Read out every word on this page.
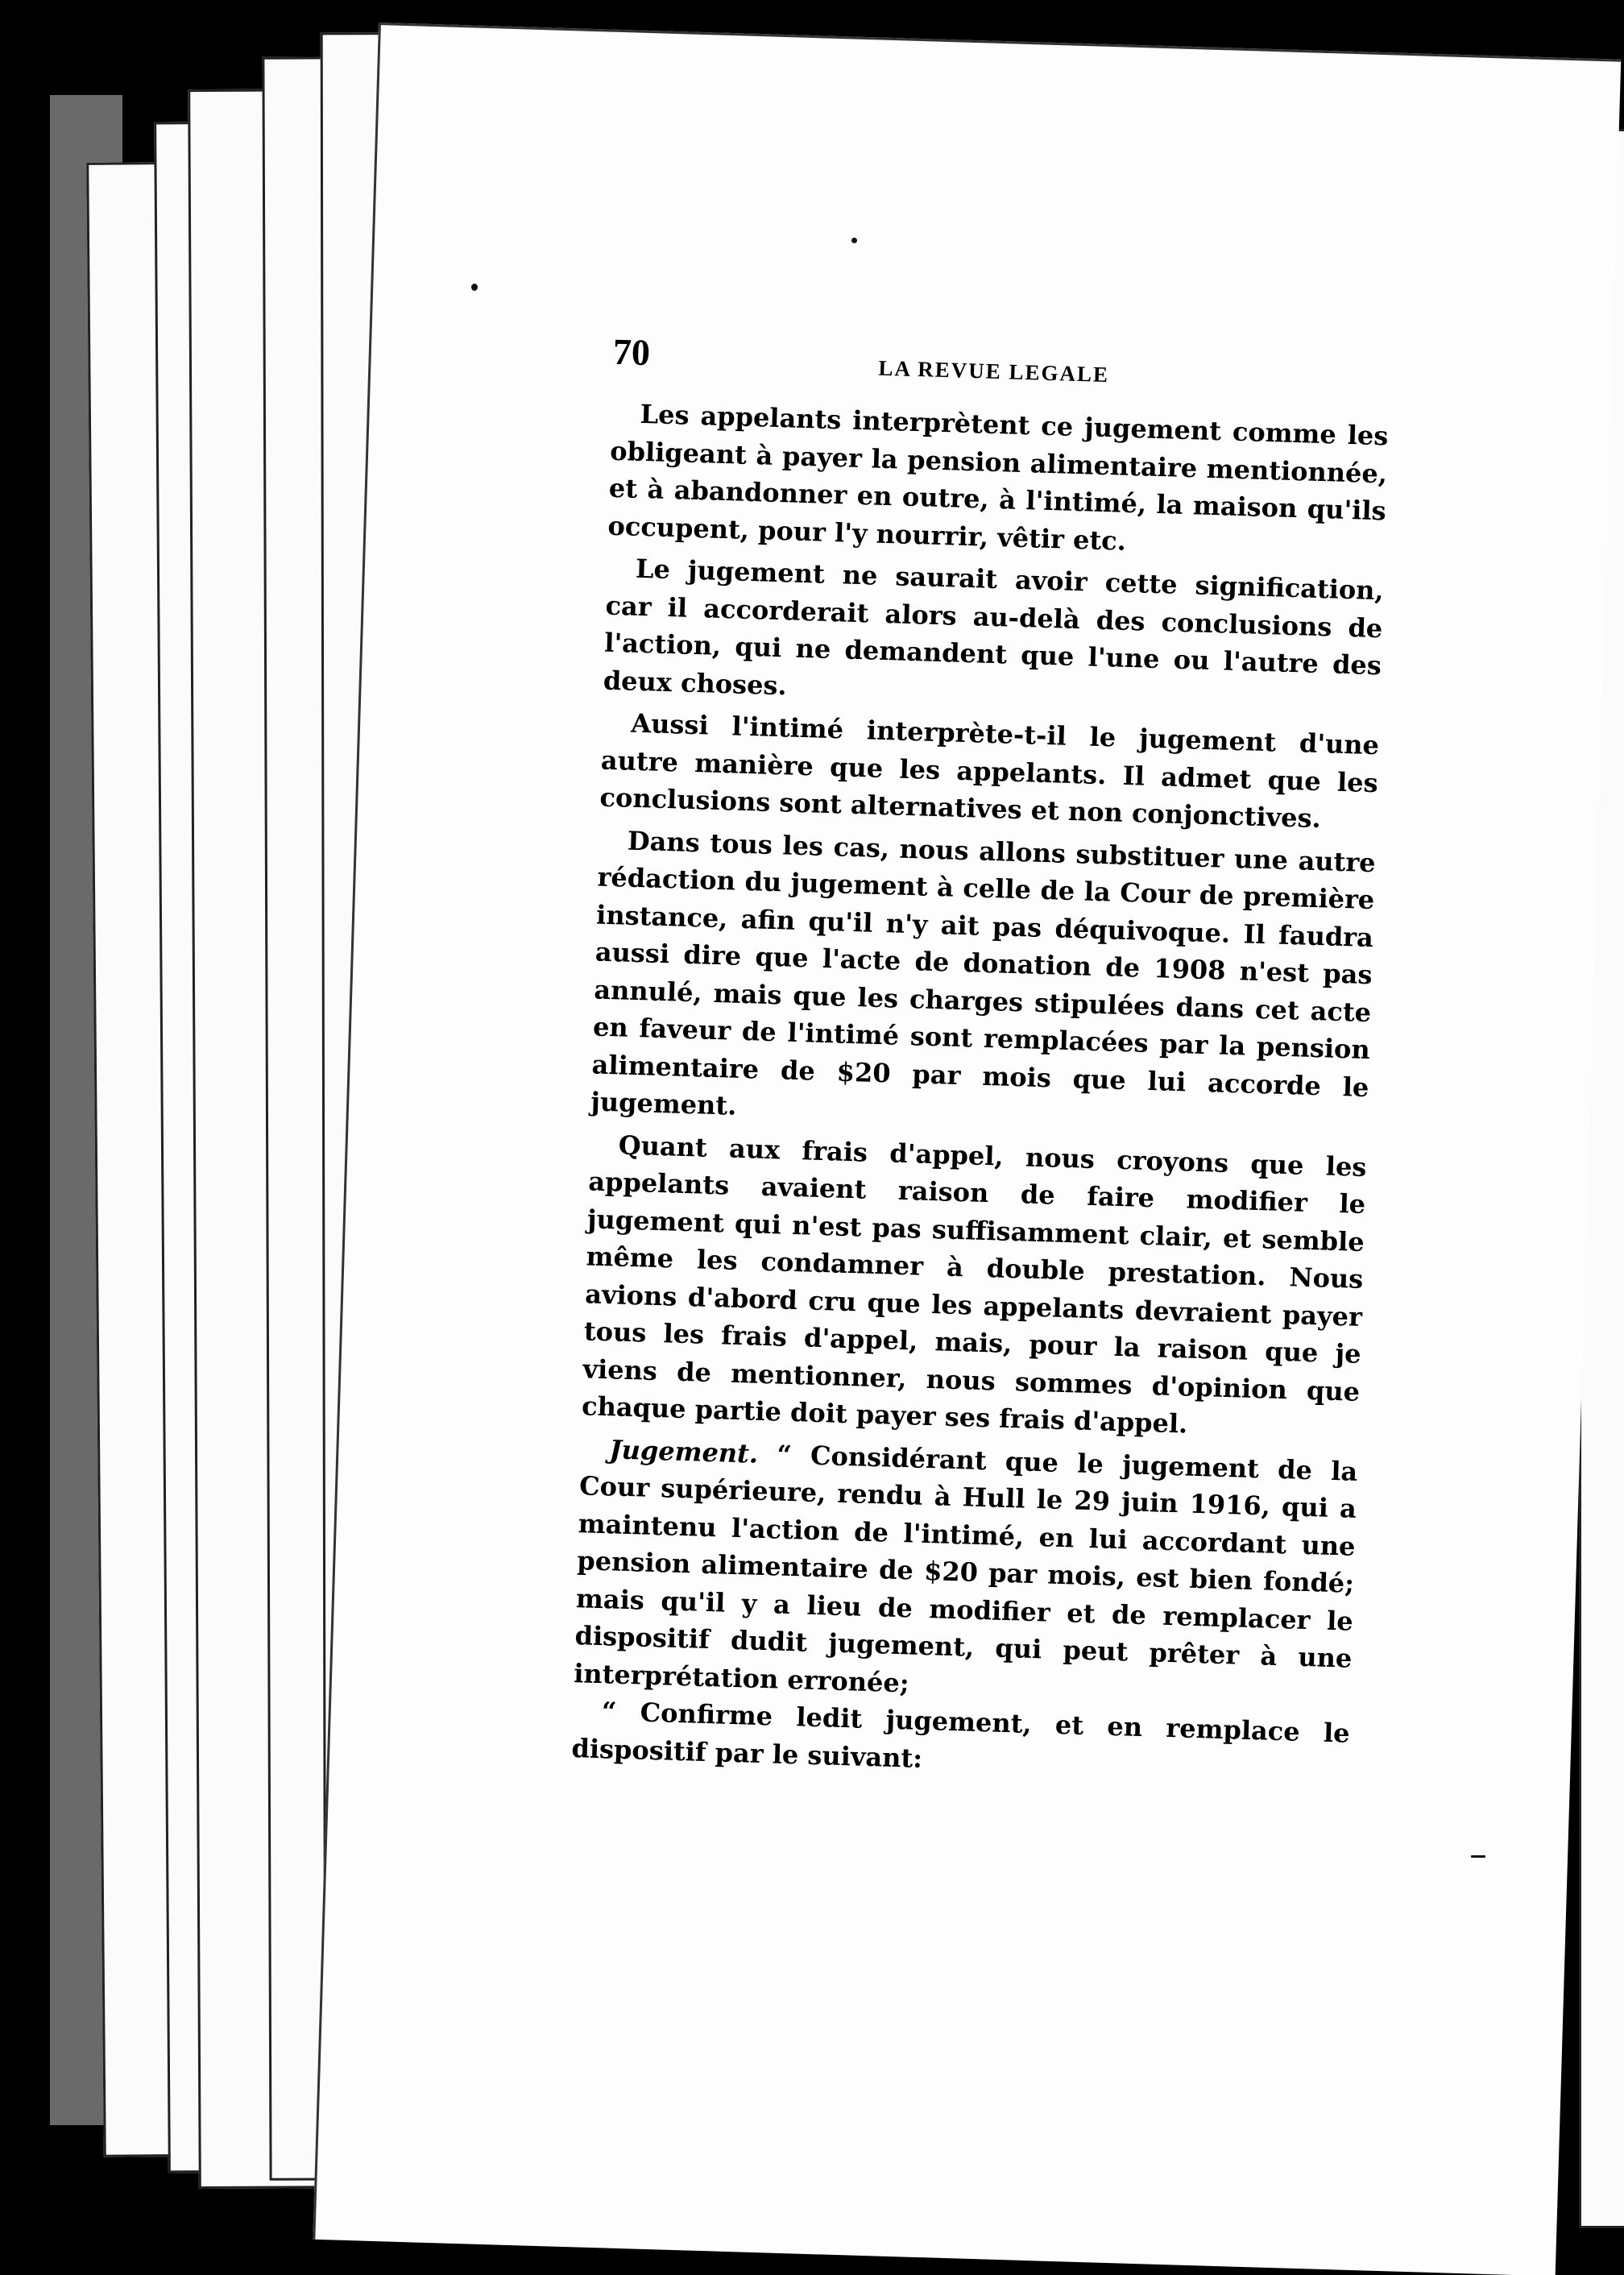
70	LA REVUE LEGALE

Les appelants interprètent ce jugement comme les obligeant à payer la pension alimentaire mentionnée, et à abandonner en outre, à l'intimé, la maison qu'ils occupent, pour l'y nourrir, vêtir etc.

Le jugement ne saurait avoir cette signification, car il accorderait alors au-delà des conclusions de l'action, qui ne demandent que l'une ou l'autre des deux choses.

Aussi l'intimé interprète-t-il le jugement d'une autre manière que les appelants. Il admet que les conclusions sont alternatives et non conjonctives.

Dans tous les cas, nous allons substituer une autre rédaction du jugement à celle de la Cour de première instance, afin qu'il n'y ait pas déquivoque. Il faudra aussi dire que l'acte de donation de 1908 n'est pas annulé, mais que les charges stipulées dans cet acte en faveur de l'intimé sont remplacées par la pension alimentaire de $20 par mois que lui accorde le jugement.

Quant aux frais d'appel, nous croyons que les appelants avaient raison de faire modifier le jugement qui n'est pas suffisamment clair, et semble même les condamner à double prestation. Nous avions d'abord cru que les appelants devraient payer tous les frais d'appel, mais, pour la raison que je viens de mentionner, nous sommes d'opinion que chaque partie doit payer ses frais d'appel.

Jugement. “ Considérant que le jugement de la Cour supérieure, rendu à Hull le 29 juin 1916, qui a maintenu l'action de l'intimé, en lui accordant une pension alimentaire de $20 par mois, est bien fondé; mais qu'il y a lieu de modifier et de remplacer le dispositif dudit jugement, qui peut prêter à une interprétation erronée;

“ Confirme ledit jugement, et en remplace le dispositif par le suivant:
